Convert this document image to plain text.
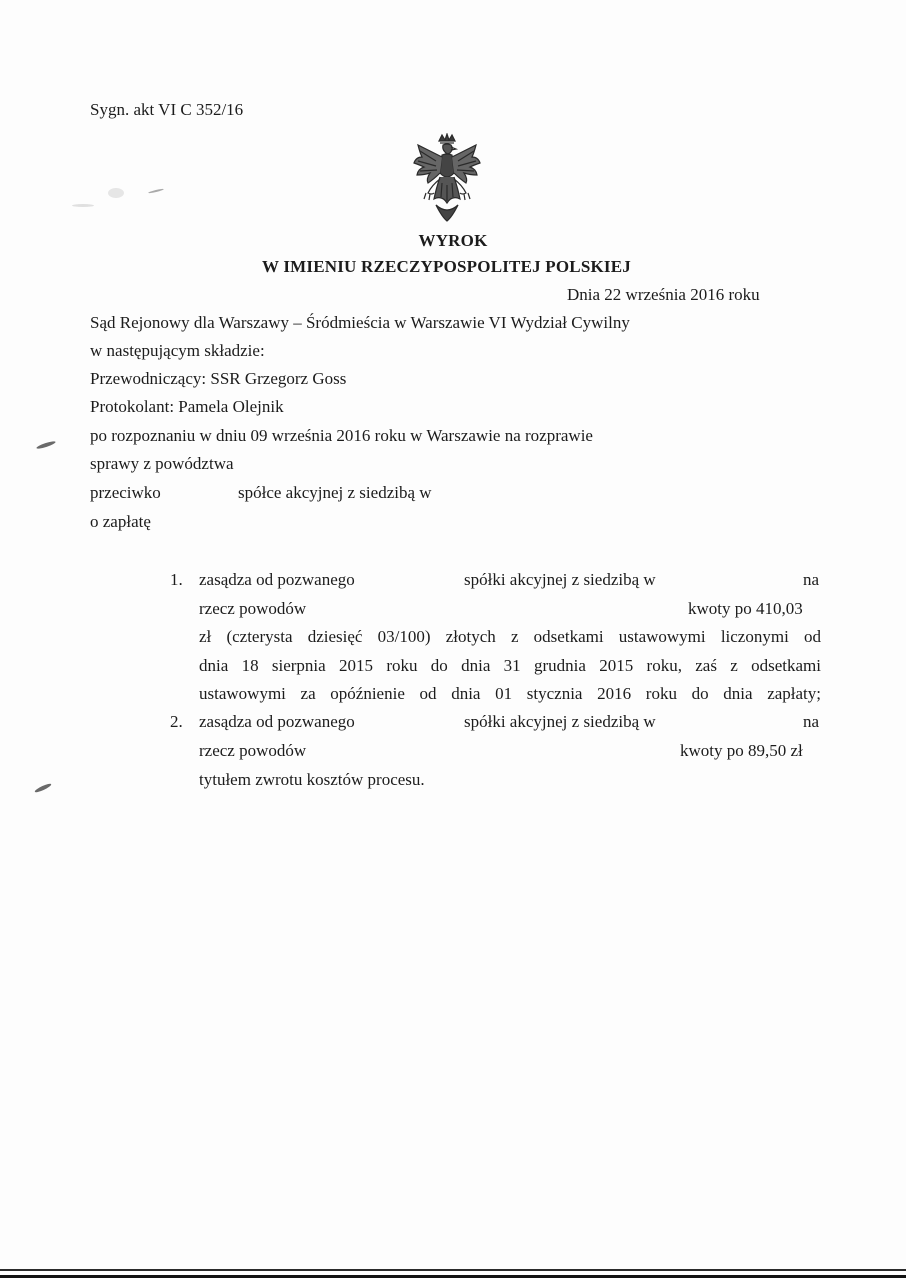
Sygn. akt VI C 352/16
WYROK
W IMIENIU RZECZYPOSPOLITEJ POLSKIEJ
Dnia 22 września 2016 roku
Sąd Rejonowy dla Warszawy – Śródmieścia w Warszawie VI Wydział Cywilny
w następującym składzie:
Przewodniczący: SSR Grzegorz Goss
Protokolant: Pamela Olejnik
po rozpoznaniu w dniu 09 września 2016 roku w Warszawie na rozprawie
sprawy z powództwa
przeciwko	spółce akcyjnej z siedzibą w
o zapłatę
1. zasądza od pozwanego	spółki akcyjnej z siedzibą w	na
rzecz powodów	kwoty po 410,03
zł (czterysta dziesięć 03/100) złotych z odsetkami ustawowymi liczonymi od
dnia 18 sierpnia 2015 roku do dnia 31 grudnia 2015 roku, zaś z odsetkami
ustawowymi za opóźnienie od dnia 01 stycznia 2016 roku do dnia zapłaty;
2. zasądza od pozwanego	spółki akcyjnej z siedzibą w	na
rzecz powodów	kwoty po 89,50 zł
tytułem zwrotu kosztów procesu.
